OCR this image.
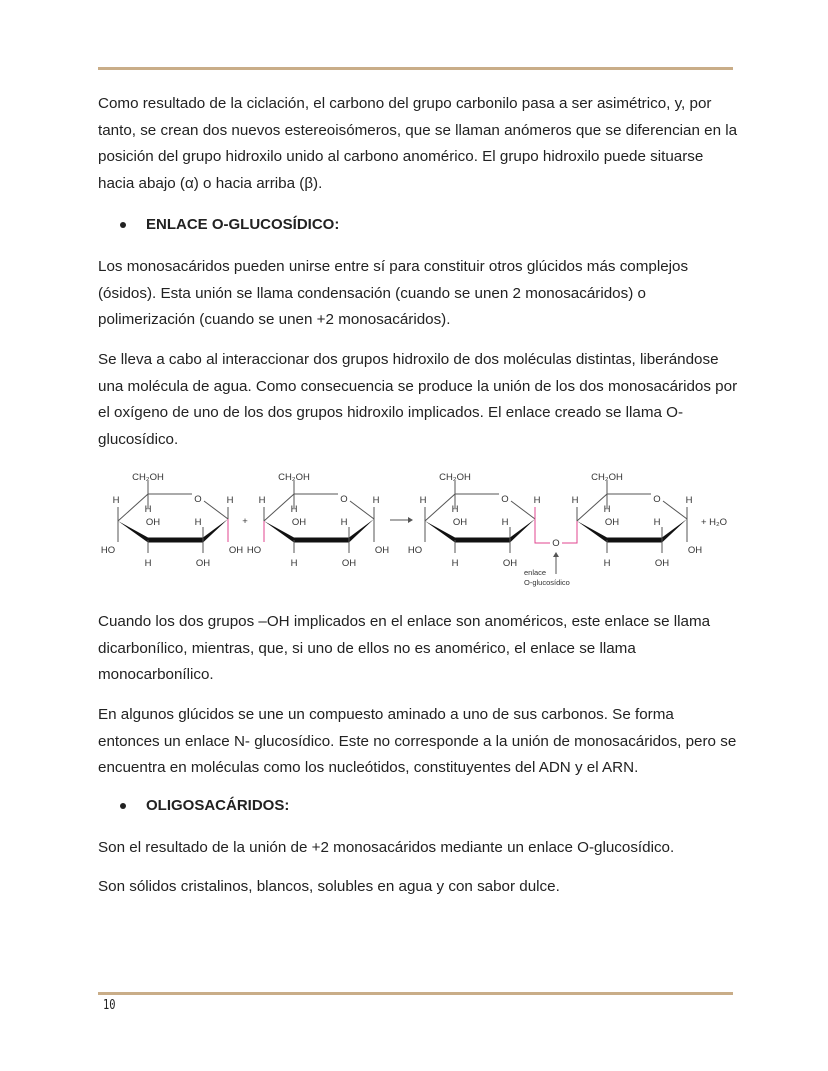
Como resultado de la ciclación, el carbono del grupo carbonilo pasa a ser asimétrico, y, por tanto, se crean dos nuevos estereoisómeros, que se llaman anómeros que se diferencian en la posición del grupo hidroxilo unido al carbono anomérico. El grupo hidroxilo puede situarse hacia abajo (α) o hacia arriba (β).

ENLACE O-GLUCOSÍDICO:

Los monosacáridos pueden unirse entre sí para constituir otros glúcidos más complejos (ósidos). Esta unión se llama condensación (cuando se unen 2 monosacáridos) o polimerización (cuando se unen +2 monosacáridos).

Se lleva a cabo al interaccionar dos grupos hidroxilo de dos moléculas distintas, liberándose una molécula de agua. Como consecuencia se produce la unión de los dos monosacáridos por el oxígeno de uno de los dos grupos hidroxilo implicados. El enlace creado se llama O-glucosídico.

CH₂OH
H	O
H
OH	H
H
H	OH
HO	OH
CH₂OH
H	O
H
OH	H
H
H	OH
HO	OH
CH₂OH
H	O
H
OH	H
H
H	OH
HO
CH₂OH
H	O
H
OH	H
H
H	OH
OH
+	+ H₂O
O
enlace
O-glucosídico

Cuando los dos grupos –OH implicados en el enlace son anoméricos, este enlace se llama dicarbonílico, mientras, que, si uno de ellos no es anomérico, el enlace se llama monocarbonílico.

En algunos glúcidos se une un compuesto aminado a uno de sus carbonos. Se forma entonces un enlace N- glucosídico. Este no corresponde a la unión de monosacáridos, pero se encuentra en moléculas como los nucleótidos, constituyentes del ADN y el ARN.

OLIGOSACÁRIDOS:

Son el resultado de la unión de +2 monosacáridos mediante un enlace O-glucosídico.

Son sólidos cristalinos, blancos, solubles en agua y con sabor dulce.

10
